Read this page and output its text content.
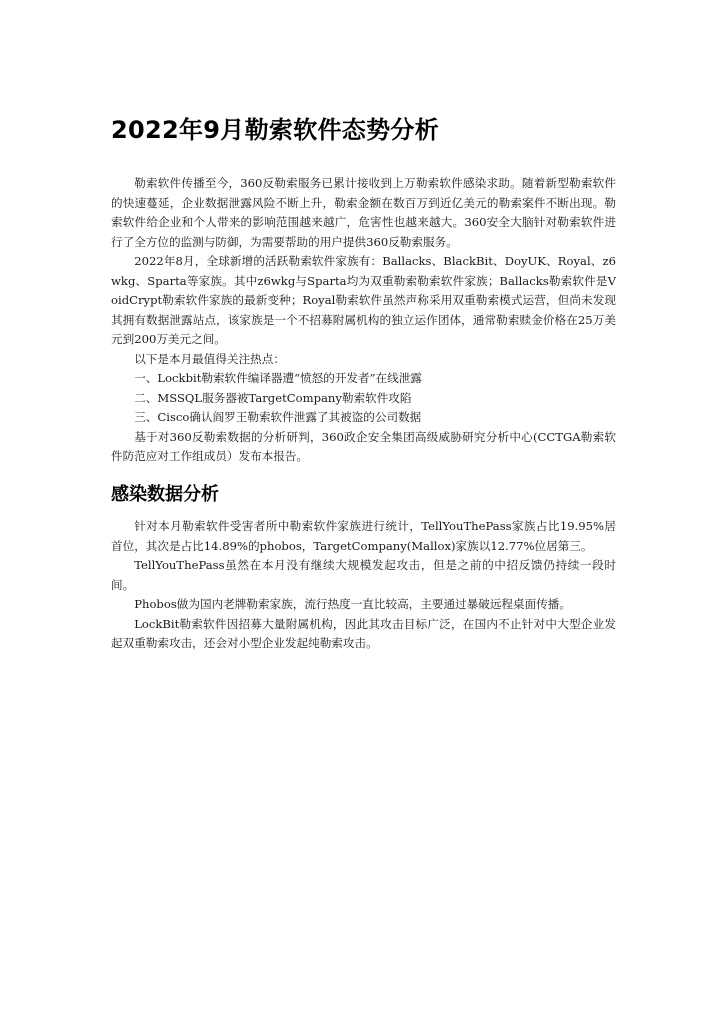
2022年9月勒索软件态势分析

勒索软件传播至今，360反勒索服务已累计接收到上万勒索软件感染求助。随着新型勒索软件的快速蔓延，企业数据泄露风险不断上升，勒索金额在数百万到近亿美元的勒索案件不断出现。勒索软件给企业和个人带来的影响范围越来越广，危害性也越来越大。360安全大脑针对勒索软件进行了全方位的监测与防御，为需要帮助的用户提供360反勒索服务。

2022年8月，全球新增的活跃勒索软件家族有：Ballacks、BlackBit、DoyUK、Royal、z6wkg、Sparta等家族。其中z6wkg与Sparta均为双重勒索勒索软件家族；Ballacks勒索软件是VoidCrypt勒索软件家族的最新变种；Royal勒索软件虽然声称采用双重勒索模式运营，但尚未发现其拥有数据泄露站点，该家族是一个不招募附属机构的独立运作团体，通常勒索赎金价格在25万美元到200万美元之间。

以下是本月最值得关注热点：

一、Lockbit勒索软件编译器遭“愤怒的开发者”在线泄露

二、MSSQL服务器被TargetCompany勒索软件攻陷

三、Cisco确认阎罗王勒索软件泄露了其被盗的公司数据

基于对360反勒索数据的分析研判，360政企安全集团高级威胁研究分析中心(CCTGA勒索软件防范应对工作组成员）发布本报告。

感染数据分析

针对本月勒索软件受害者所中勒索软件家族进行统计，TellYouThePass家族占比19.95%居首位，其次是占比14.89%的phobos，TargetCompany(Mallox)家族以12.77%位居第三。

TellYouThePass虽然在本月没有继续大规模发起攻击，但是之前的中招反馈仍持续一段时间。

Phobos做为国内老牌勒索家族，流行热度一直比较高，主要通过暴破远程桌面传播。

LockBit勒索软件因招募大量附属机构，因此其攻击目标广泛，在国内不止针对中大型企业发起双重勒索攻击，还会对小型企业发起纯勒索攻击。
